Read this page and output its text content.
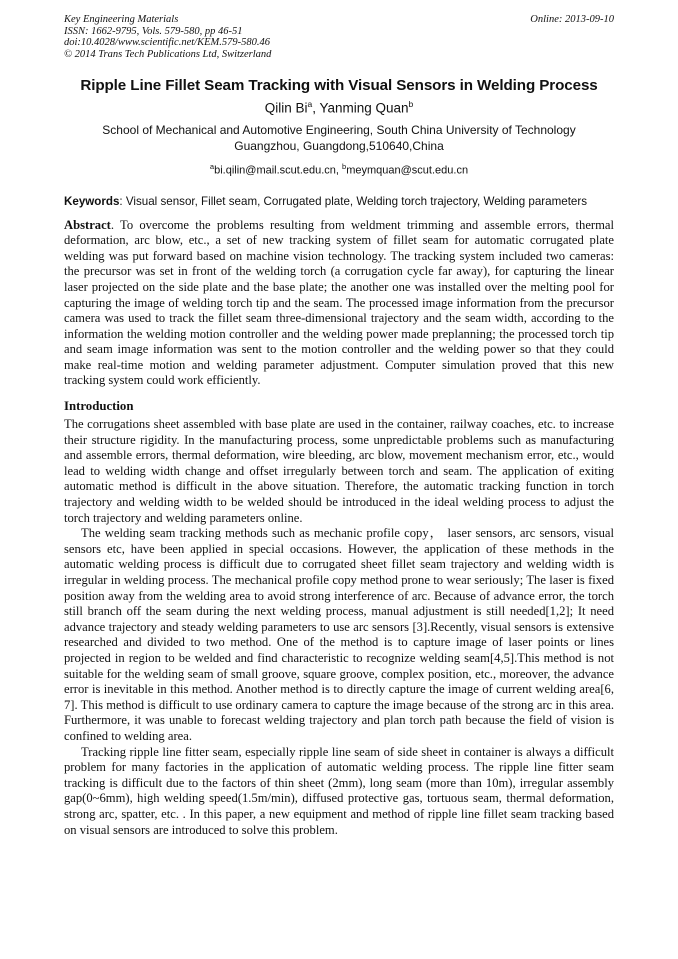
Key Engineering Materials
ISSN: 1662-9795, Vols. 579-580, pp 46-51
doi:10.4028/www.scientific.net/KEM.579-580.46
© 2014 Trans Tech Publications Ltd, Switzerland
Online: 2013-09-10
Ripple Line Fillet Seam Tracking with Visual Sensors in Welding Process
Qilin Bi$^a$, Yanming Quan$^b$
School of Mechanical and Automotive Engineering, South China University of Technology
Guangzhou, Guangdong,510640,China
$^a$bi.qilin@mail.scut.edu.cn, $^b$meymquan@scut.edu.cn
Keywords: Visual sensor, Fillet seam, Corrugated plate, Welding torch trajectory, Welding parameters
Abstract. To overcome the problems resulting from weldment trimming and assemble errors, thermal deformation, arc blow, etc., a set of new tracking system of fillet seam for automatic corrugated plate welding was put forward based on machine vision technology. The tracking system included two cameras: the precursor was set in front of the welding torch (a corrugation cycle far away), for capturing the linear laser projected on the side plate and the base plate; the another one was installed over the melting pool for capturing the image of welding torch tip and the seam. The processed image information from the precursor camera was used to track the fillet seam three-dimensional trajectory and the seam width, according to the information the welding motion controller and the welding power made preplanning; the processed torch tip and seam image information was sent to the motion controller and the welding power so that they could make real-time motion and welding parameter adjustment. Computer simulation proved that this new tracking system could work efficiently.
Introduction

The corrugations sheet assembled with base plate are used in the container, railway coaches, etc. to increase their structure rigidity. In the manufacturing process, some unpredictable problems such as manufacturing and assemble errors, thermal deformation, wire bleeding, arc blow, movement mechanism error, etc., would lead to welding width change and offset irregularly between torch and seam. The application of exiting automatic method is difficult in the above situation. Therefore, the automatic tracking function in torch trajectory and welding width to be welded should be introduced in the ideal welding process to adjust the torch trajectory and welding parameters online.

The welding seam tracking methods such as mechanic profile copy， laser sensors, arc sensors, visual sensors etc, have been applied in special occasions. However, the application of these methods in the automatic welding process is difficult due to corrugated sheet fillet seam trajectory and welding width is irregular in welding process. The mechanical profile copy method prone to wear seriously; The laser is fixed position away from the welding area to avoid strong interference of arc. Because of advance error, the torch still branch off the seam during the next welding process, manual adjustment is still needed[1,2]; It need advance trajectory and steady welding parameters to use arc sensors [3].Recently, visual sensors is extensive researched and divided to two method. One of the method is to capture image of laser points or lines projected in region to be welded and find characteristic to recognize welding seam[4,5].This method is not suitable for the welding seam of small groove, square groove, complex position, etc., moreover, the advance error is inevitable in this method. Another method is to directly capture the image of current welding area[6, 7]. This method is difficult to use ordinary camera to capture the image because of the strong arc in this area. Furthermore, it was unable to forecast welding trajectory and plan torch path because the field of vision is confined to welding area.

Tracking ripple line fitter seam, especially ripple line seam of side sheet in container is always a difficult problem for many factories in the application of automatic welding process. The ripple line fitter seam tracking is difficult due to the factors of thin sheet (2mm), long seam (more than 10m), irregular assembly gap(0~6mm), high welding speed(1.5m/min), diffused protective gas, tortuous seam, thermal deformation, strong arc, spatter, etc. . In this paper, a new equipment and method of ripple line fillet seam tracking based on visual sensors are introduced to solve this problem.
